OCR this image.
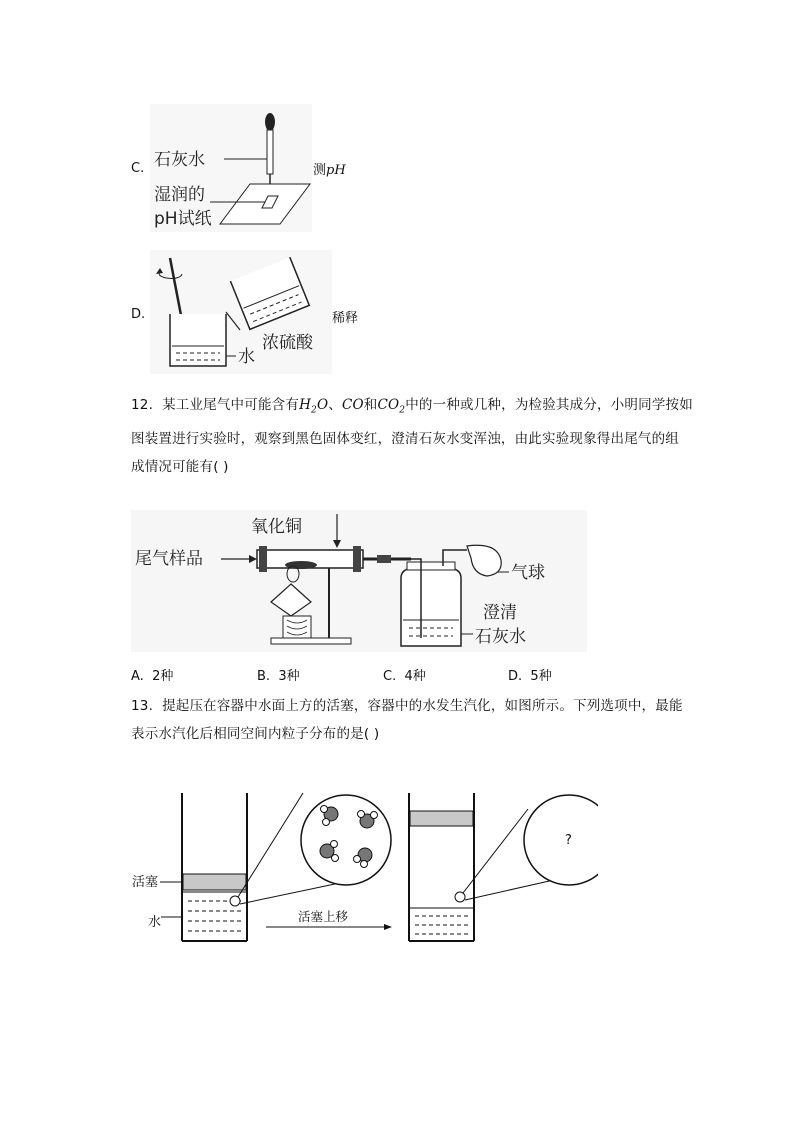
C. 石灰水
湿润的
pH试纸
测pH
D.
水
浓硫酸
稀释
12. 某工业尾气中可能含有$H_2O$、CO和$CO_2$中的一种或几种，为检验其成分，小明同学按如
图装置进行实验时，观察到黑色固体变红，澄清石灰水变浑浊，由此实验现象得出尾气的组
成情况可能有( )
尾气样品
氧化铜
气球
澄清
石灰水
A. 2种	B. 3种	C. 4种	D. 5种
13. 提起压在容器中水面上方的活塞，容器中的水发生汽化，如图所示。下列选项中，最能
表示水汽化后相同空间内粒子分布的是( )
活塞
水	活塞上移
?
